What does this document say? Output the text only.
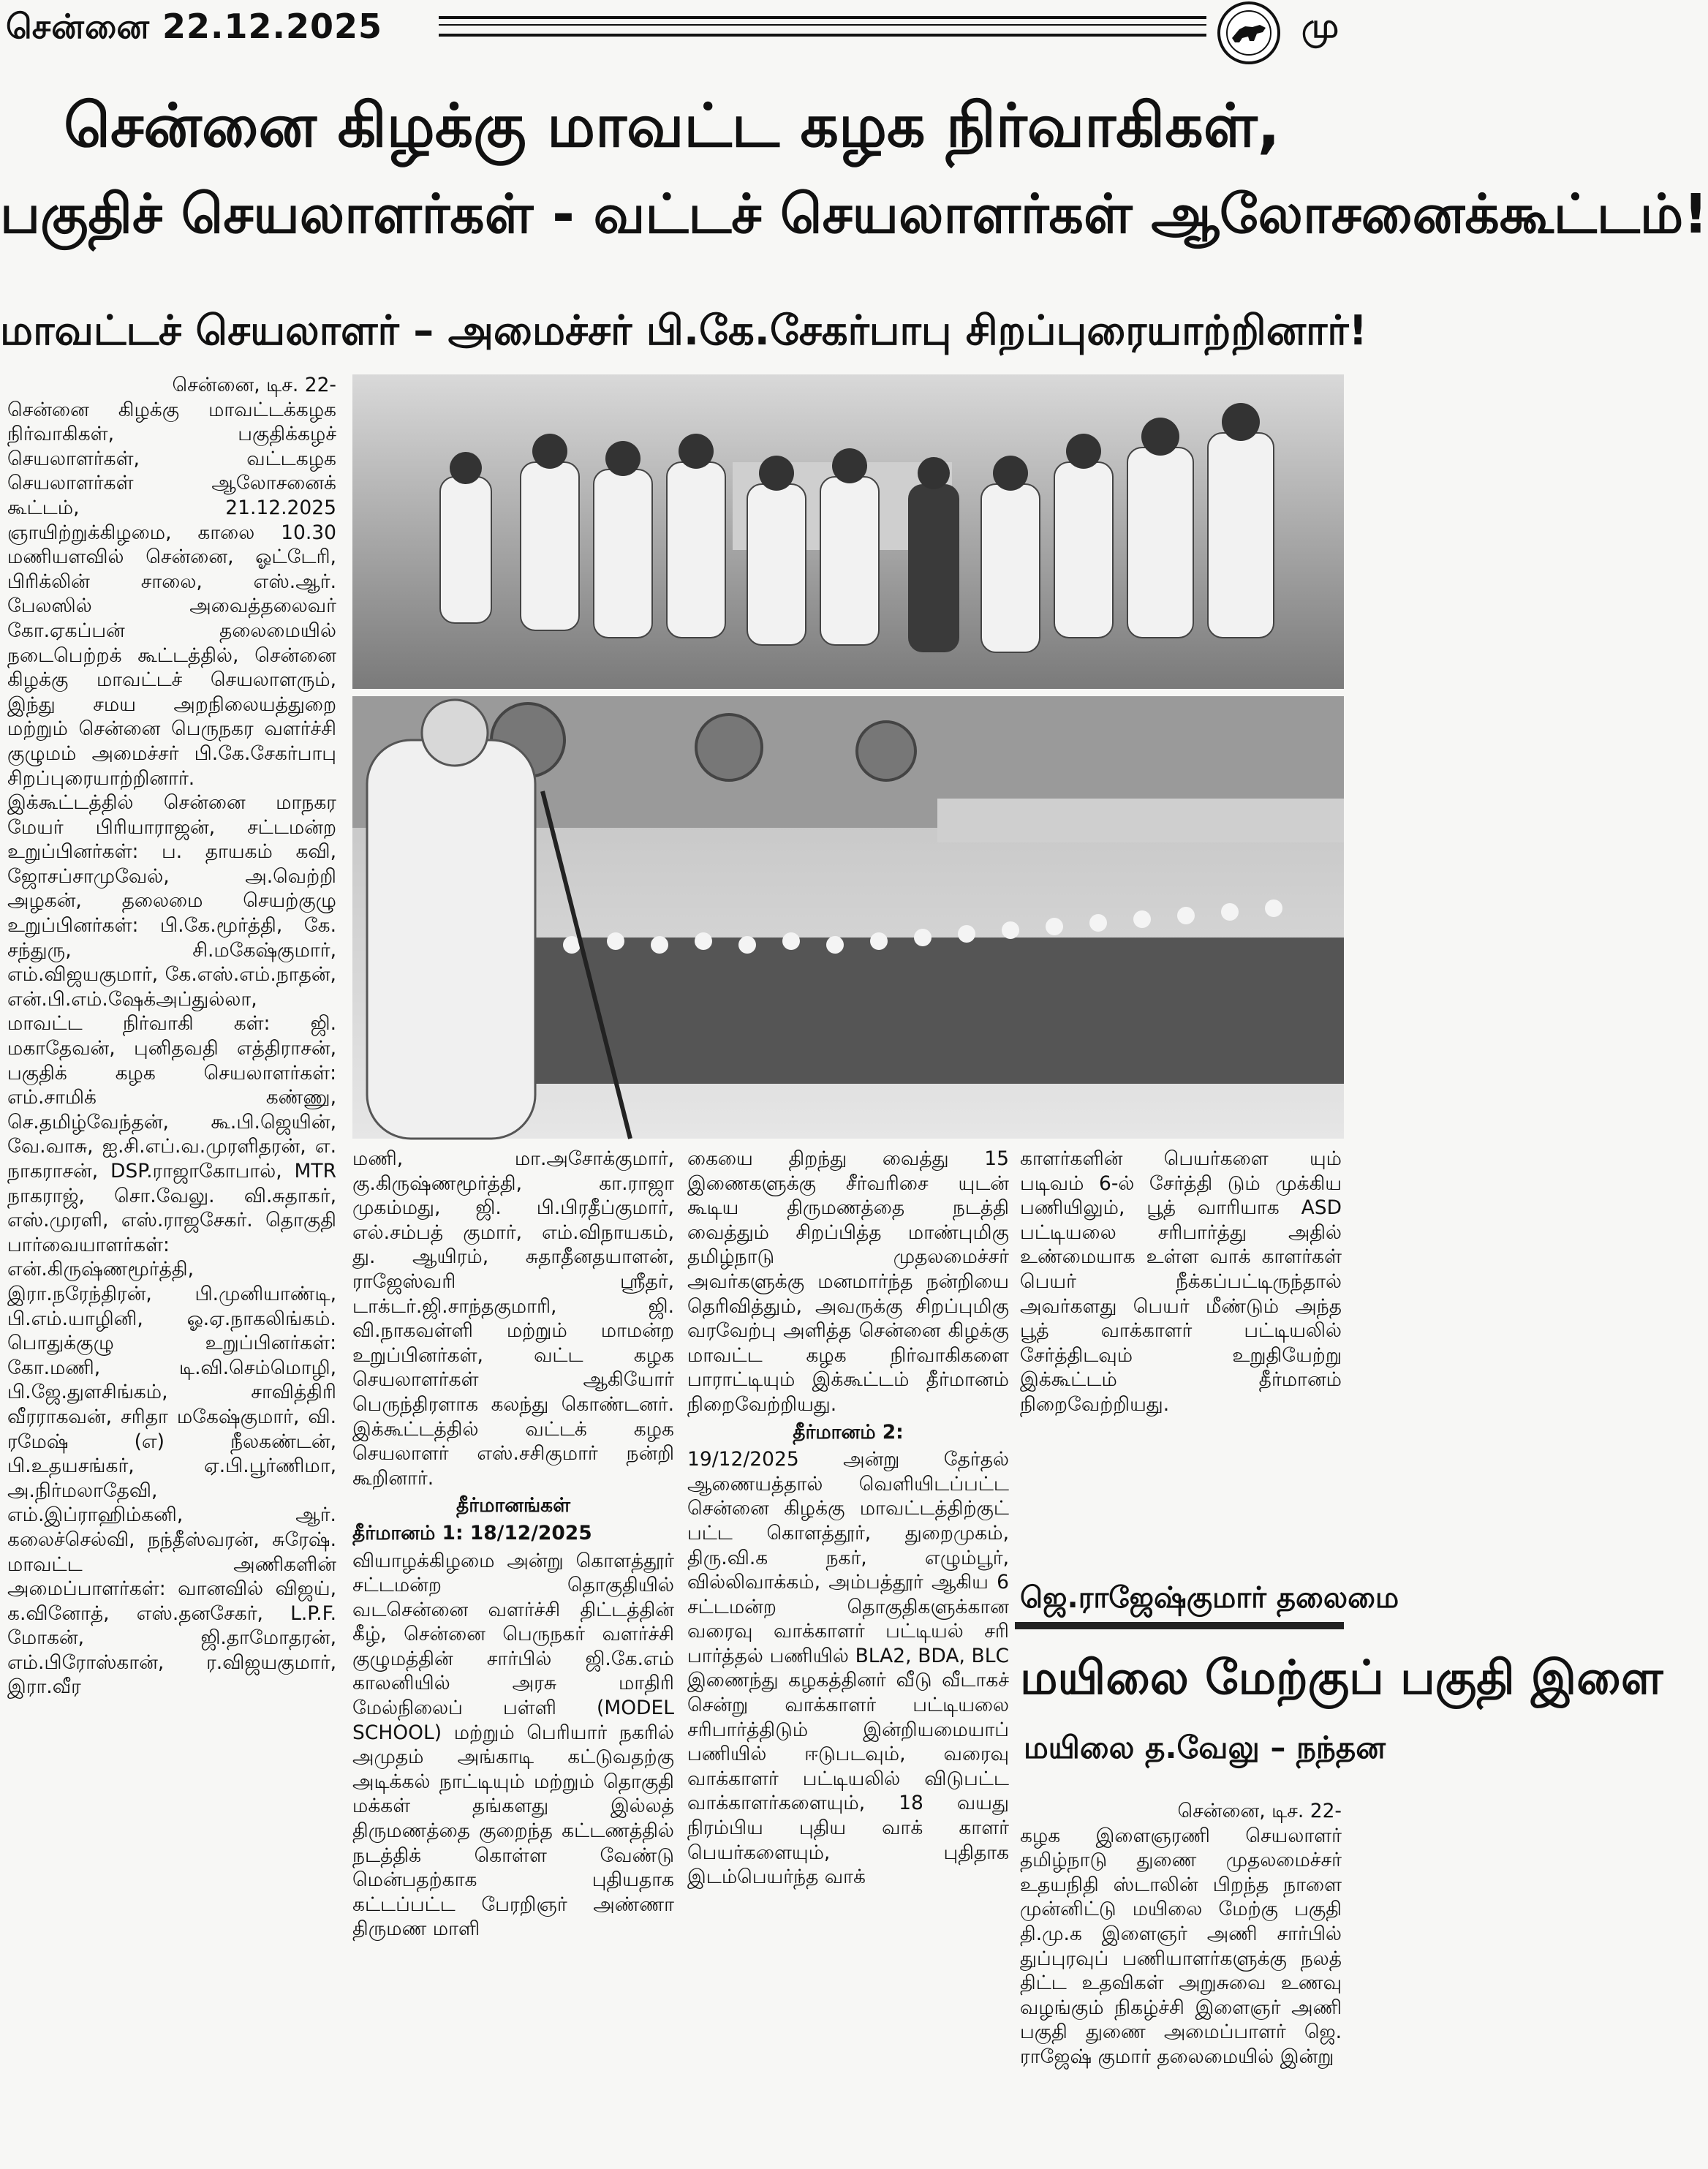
சென்னை 22.12.2025	மு
சென்னை கிழக்கு மாவட்ட கழக நிர்வாகிகள்,
பகுதிச் செயலாளர்கள் - வட்டச் செயலாளர்கள் ஆலோசனைக்கூட்டம்!
மாவட்டச் செயலாளர் – அமைச்சர் பி.கே.சேகர்பாபு சிறப்புரையாற்றினார்!

சென்னை, டிச. 22-

சென்னை கிழக்கு மாவட்டக்கழக நிர்வாகிகள், பகுதிக்கழச் செயலாளர்கள், வட்டகழக செயலாளர்கள் ஆலோசனைக் கூட்டம், 21.12.2025 ஞாயிற்றுக்கிழமை, காலை 10.30 மணியளவில் சென்னை, ஓட்டேரி, பிரிக்லின் சாலை, எஸ்.ஆர். பேலஸில் அவைத்தலைவர் கோ.ஏகப்பன் தலைமையில் நடைபெற்றக் கூட்டத்தில், சென்னை கிழக்கு மாவட்டச் செயலாளரும், இந்து சமய அறநிலையத்துறை மற்றும் சென்னை பெருநகர வளர்ச்சி குழுமம் அமைச்சர் பி.கே.சேகர்பாபு சிறப்புரையாற்றினார்.

இக்கூட்டத்தில் சென்னை மாநகர மேயர் பிரியாராஜன், சட்டமன்ற உறுப்பினர்கள்: ப. தாயகம் கவி, ஜோசப்சாமுவேல், அ.வெற்றி அழகன், தலைமை செயற்குழு உறுப்பினர்கள்: பி.கே.மூர்த்தி, கே. சந்துரு, சி.மகேஷ்குமார், எம்.விஜயகுமார், கே.எஸ்.எம்.நாதன், என்.பி.எம்.ஷேக்அப்துல்லா, மாவட்ட நிர்வாகி கள்: ஜி. மகாதேவன், புனிதவதி எத்திராசன், பகுதிக் கழக செயலாளர்கள்: எம்.சாமிக் கண்ணு, செ.தமிழ்வேந்தன், கூ.பி.ஜெயின், வே.வாசு, ஐ.சி.எப்.வ.முரளிதரன், எ. நாகராசன், DSP.ராஜாகோபால், MTR நாகராஜ், சொ.வேலு. வி.சுதாகர், எஸ்.முரளி, எஸ்.ராஜசேகர். தொகுதி பார்வையாளர்கள்: என்.கிருஷ்ணமூர்த்தி, இரா.நரேந்திரன், பி.முனியாண்டி, பி.எம்.யாழினி, ஓ.ஏ.நாகலிங்கம். பொதுக்குழு உறுப்பினர்கள்: கோ.மணி, டி.வி.செம்மொழி, பி.ஜே.துளசிங்கம், சாவித்திரி வீரராகவன், சரிதா மகேஷ்குமார், வி. ரமேஷ் (எ) நீலகண்டன், பி.உதயசங்கர், ஏ.பி.பூர்ணிமா, அ.நிர்மலாதேவி, எம்.இப்ராஹிம்கனி, ஆர். கலைச்செல்வி, நந்தீஸ்வரன், சுரேஷ். மாவட்ட அணிகளின் அமைப்பாளர்கள்: வானவில் விஜய், க.வினோத், எஸ்.தனசேகர், L.P.F. மோகன், ஜி.தாமோதரன், எம்.பிரோஸ்கான், ர.விஜயகுமார், இரா.வீர

மணி, மா.அசோக்குமார், கு.கிருஷ்ணமூர்த்தி, கா.ராஜா முகம்மது, ஜி. பி.பிரதீப்குமார், எல்.சம்பத் குமார், எம்.விநாயகம், து. ஆயிரம், சுதாதீனதயாளன், ராஜேஸ்வரி ஸ்ரீதர், டாக்டர்.ஜி.சாந்தகுமாரி, ஜி. வி.நாகவள்ளி மற்றும் மாமன்ற உறுப்பினர்கள், வட்ட கழக செயலாளர்கள் ஆகியோர் பெருந்திரளாக கலந்து கொண்டனர். இக்கூட்டத்தில் வட்டக் கழக செயலாளர் எஸ்.சசிகுமார் நன்றி கூறினார்.

தீர்மானங்கள்

தீர்மானம் 1: 18/12/2025

வியாழக்கிழமை அன்று கொளத்தூர் சட்டமன்ற தொகுதியில் வடசென்னை வளர்ச்சி திட்டத்தின் கீழ், சென்னை பெருநகர் வளர்ச்சி குழுமத்தின் சார்பில் ஜி.கே.எம் காலனியில் அரசு மாதிரி மேல்நிலைப் பள்ளி (MODEL SCHOOL) மற்றும் பெரியார் நகரில் அமுதம் அங்காடி கட்டுவதற்கு அடிக்கல் நாட்டியும் மற்றும் தொகுதி மக்கள் தங்களது இல்லத் திருமணத்தை குறைந்த கட்டணத்தில் நடத்திக் கொள்ள வேண்டு மென்பதற்காக புதியதாக கட்டப்பட்ட பேரறிஞர் அண்ணா திருமண மாளி

கையை திறந்து வைத்து 15 இணைகளுக்கு சீர்வரிசை யுடன் கூடிய திருமணத்தை நடத்தி வைத்தும் சிறப்பித்த மாண்புமிகு தமிழ்நாடு முதலமைச்சர் அவர்களுக்கு மனமார்ந்த நன்றியை தெரிவித்தும், அவருக்கு சிறப்புமிகு வரவேற்பு அளித்த சென்னை கிழக்கு மாவட்ட கழக நிர்வாகிகளை பாராட்டியும் இக்கூட்டம் தீர்மானம் நிறைவேற்றியது.

தீர்மானம் 2:

19/12/2025 அன்று தேர்தல் ஆணையத்தால் வெளியிடப்பட்ட சென்னை கிழக்கு மாவட்டத்திற்குட் பட்ட கொளத்தூர், துறைமுகம், திரு.வி.க நகர், எழும்பூர், வில்லிவாக்கம், அம்பத்தூர் ஆகிய 6 சட்டமன்ற தொகுதிகளுக்கான வரைவு வாக்காளர் பட்டியல் சரி பார்த்தல் பணியில் BLA2, BDA, BLC இணைந்து கழகத்தினர் வீடு வீடாகச் சென்று வாக்காளர் பட்டியலை சரிபார்த்திடும் இன்றியமையாப் பணியில் ஈடுபடவும், வரைவு வாக்காளர் பட்டியலில் விடுபட்ட வாக்காளர்களையும், 18 வயது நிரம்பிய புதிய வாக் காளர் பெயர்களையும், புதிதாக இடம்பெயர்ந்த வாக்

காளர்களின் பெயர்களை யும் படிவம் 6-ல் சேர்த்தி டும் முக்கிய பணியிலும், பூத் வாரியாக ASD பட்டியலை சரிபார்த்து அதில் உண்மையாக உள்ள வாக் காளர்கள் பெயர் நீக்கப்பட்டிருந்தால் அவர்களது பெயர் மீண்டும் அந்த பூத் வாக்காளர் பட்டியலில் சேர்த்திடவும் உறுதியேற்று இக்கூட்டம் தீர்மானம் நிறைவேற்றியது.

ஜெ.ராஜேஷ்குமார் தலைமை
மயிலை மேற்குப் பகுதி இளை
மயிலை த.வேலு – நந்தன

சென்னை, டிச. 22-

கழக இளைஞரணி செயலாளர் தமிழ்நாடு துணை முதலமைச்சர் உதயநிதி ஸ்டாலின் பிறந்த நாளை முன்னிட்டு மயிலை மேற்கு பகுதி தி.மு.க இளைஞர் அணி சார்பில் துப்புரவுப் பணியாளர்களுக்கு நலத் திட்ட உதவிகள் அறுசுவை உணவு வழங்கும் நிகழ்ச்சி இளைஞர் அணி பகுதி துணை அமைப்பாளர் ஜெ. ராஜேஷ் குமார் தலைமையில் இன்று
